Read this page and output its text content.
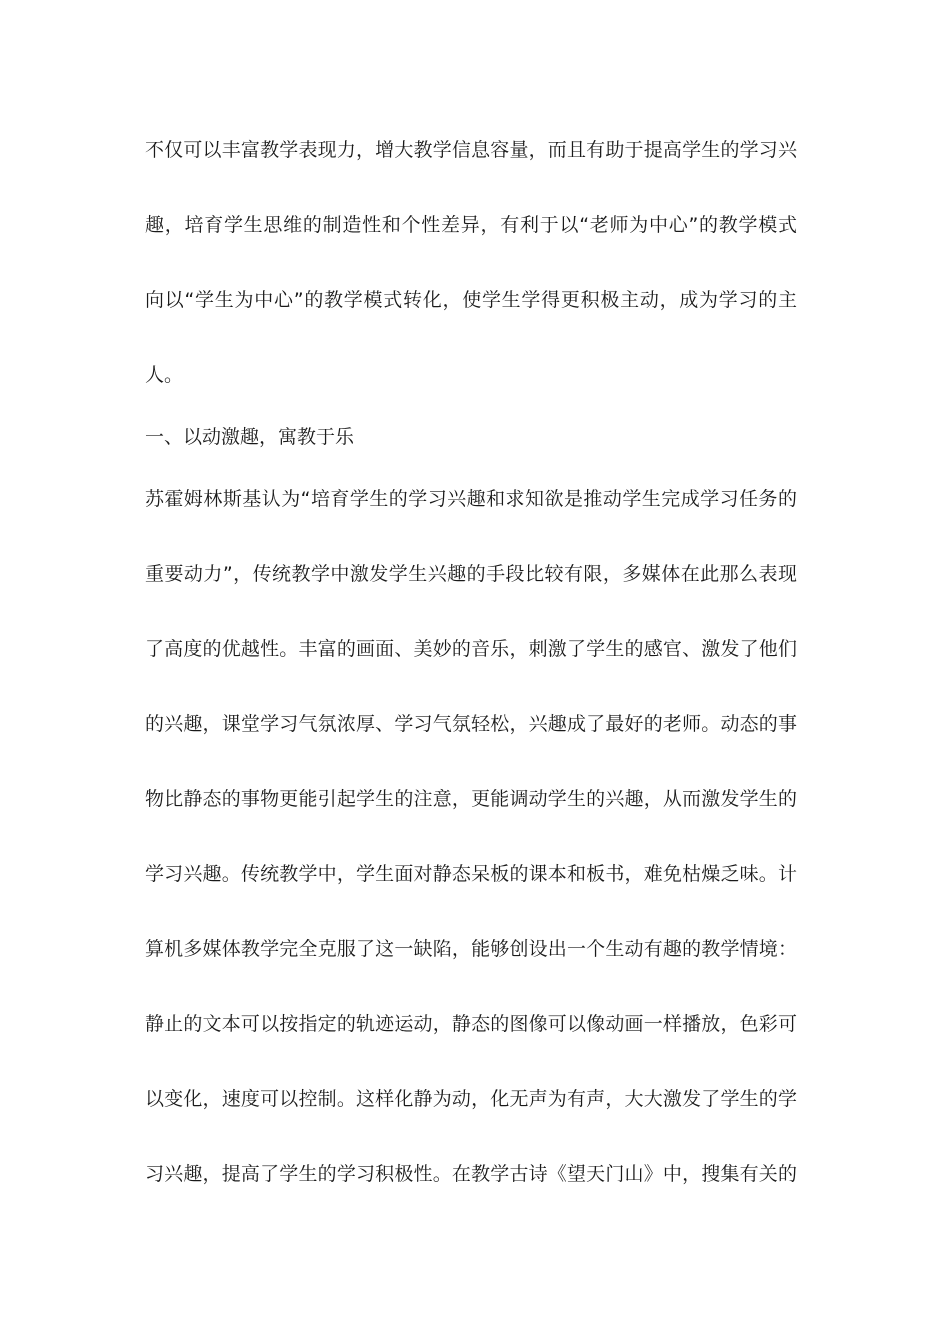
不仅可以丰富教学表现力，增大教学信息容量，而且有助于提高学生的学习兴

趣，培育学生思维的制造性和个性差异，有利于以“老师为中心”的教学模式

向以“学生为中心”的教学模式转化，使学生学得更积极主动，成为学习的主

人。

一、以动激趣，寓教于乐

苏霍姆林斯基认为“培育学生的学习兴趣和求知欲是推动学生完成学习任务的

重要动力”，传统教学中激发学生兴趣的手段比较有限，多媒体在此那么表现

了高度的优越性。丰富的画面、美妙的音乐，刺激了学生的感官、激发了他们

的兴趣，课堂学习气氛浓厚、学习气氛轻松，兴趣成了最好的老师。动态的事

物比静态的事物更能引起学生的注意，更能调动学生的兴趣，从而激发学生的

学习兴趣。传统教学中，学生面对静态呆板的课本和板书，难免枯燥乏味。计

算机多媒体教学完全克服了这一缺陷，能够创设出一个生动有趣的教学情境：

静止的文本可以按指定的轨迹运动，静态的图像可以像动画一样播放，色彩可

以变化，速度可以控制。这样化静为动，化无声为有声，大大激发了学生的学

习兴趣，提高了学生的学习积极性。在教学古诗《望天门山》中，搜集有关的
